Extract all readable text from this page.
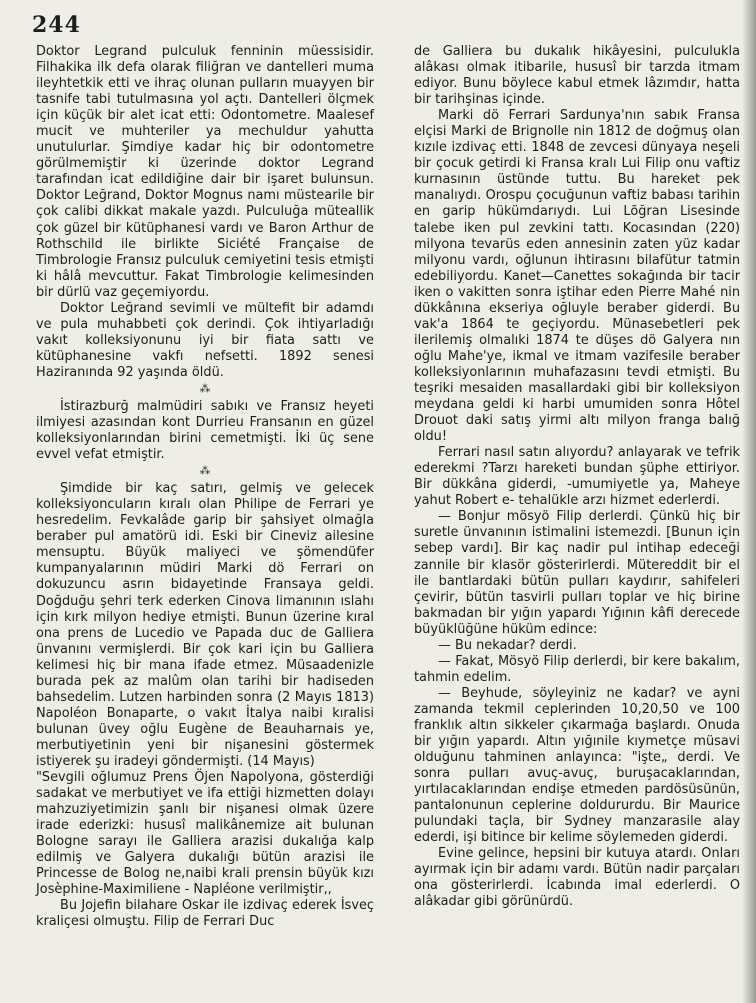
244

Doktor Legrand pulculuk fenninin müessisidir. Filhakika ilk defa olarak filiğran ve dantelleri muma ileyhtetkik etti ve ihraç olunan pulların muayyen bir tasnife tabi tutulmasına yol açtı. Dantelleri ölçmek için küçük bir alet icat etti: Odontometre. Maalesef mucit ve muhteriler ya mechuldur yahutta unutulurlar. Şimdiye kadar hiç bir odontometre görülmemiştir ki üzerinde doktor Legrand tarafından icat edildiğine dair bir işaret bulunsun. Doktor Leğrand, Doktor Mognus namı müstearile bir çok calibi dikkat makale yazdı. Pulculuğa müteallik çok güzel bir kütüphanesi vardı ve Baron Arthur de Rothschild ile birlikte Siciété Française de Timbrologie Fransız pulculuk cemiyetini tesis etmişti ki hâlâ mevcuttur. Fakat Timbrologie kelimesinden bir dürlü vaz geçemiyordu.

Doktor Leğrand sevimli ve mültefit bir adamdı ve pula muhabbeti çok derindi. Çok ihtiyarladığı vakıt kolleksiyonunu iyi bir fiata sattı ve kütüphanesine vakfı nefsetti. 1892 senesi Haziranında 92 yaşında öldü.

⁂

İstirazburğ malmüdiri sabıkı ve Fransız heyeti ilmiyesi azasından kont Durrieu Fransanın en güzel kolleksiyonlarından birini cemetmişti. İki üç sene evvel vefat etmiştir.

⁂

Şimdide bir kaç satırı, gelmiş ve gelecek kolleksiyoncuların kıralı olan Philipe de Ferrari ye hesredelim. Fevkalâde garip bir şahsiyet olmağla beraber pul amatörü idi. Eski bir Cineviz ailesine mensuptu. Büyük maliyeci ve şömendüfer kumpanyalarının müdiri Marki dö Ferrari on dokuzuncu asrın bidayetinde Fransaya geldi. Doğduğu şehri terk ederken Cinova limanının ıslahı için kırk milyon hediye etmişti. Bunun üzerine kıral ona prens de Lucedio ve Papada duc de Galliera ünvanını vermişlerdi. Bir çok kari için bu Galliera kelimesi hiç bir mana ifade etmez. Müsaadenizle burada pek az malûm olan tarihi bir hadiseden bahsedelim. Lutzen harbinden sonra (2 Mayıs 1813) Napoléon Bonaparte, o vakıt İtalya naibi kıralisi bulunan üvey oğlu Eugène de Beauharnais ye, merbutiyetinin yeni bir nişanesini göstermek istiyerek şu iradeyi göndermişti. (14 Mayıs)

"Sevgili oğlumuz Prens Öjen Napolyona, gösterdiği sadakat ve merbutiyet ve ifa ettiği hizmetten dolayı mahzuziyetimizin şanlı bir nişanesi olmak üzere irade ederizki: hususî malikânemize ait bulunan Bologne sarayı ile Galliera arazisi dukalığa kalp edilmiş ve Galyera dukalığı bütün arazisi ile Princesse de Bolog ne,naibi krali prensin büyük kızı Josèphine-Maximiliene - Napléone verilmiştir,,

Bu Jojefin bilahare Oskar ile izdivaç ederek İsveç kraliçesi olmuştu. Filip de Ferrari Duc

de Galliera bu dukalık hikâyesini, pulculukla alâkası olmak itibarile, hususî bir tarzda itmam ediyor. Bunu böylece kabul etmek lâzımdır, hatta bir tarihşinas içinde.

Marki dö Ferrari Sardunya'nın sabık Fransa elçisi Marki de Brignolle nin 1812 de doğmuş olan kızıle izdivaç etti. 1848 de zevcesi dünyaya neşeli bir çocuk getirdi ki Fransa kralı Lui Filip onu vaftiz kurnasının üstünde tuttu. Bu hareket pek manalıydı. Orospu çocuğunun vaftiz babası tarihin en garip hükümdarıydı. Lui Lõğran Lisesinde talebe iken pul zevkini tattı. Kocasından (220) milyona tevarüs eden annesinin zaten yüz kadar milyonu vardı, oğlunun ihtirasını bilafütur tatmin edebiliyordu. Kanet—Canettes sokağında bir tacir iken o vakitten sonra iştihar eden Pierre Mahé nin dükkânına ekseriya oğluyle beraber giderdi. Bu vak'a 1864 te geçiyordu. Münasebetleri pek ilerilemiş olmalıki 1874 te düşes dö Galyera nın oğlu Mahe'ye, ikmal ve itmam vazifesile beraber kolleksiyonlarının muhafazasını tevdi etmişti. Bu teşriki mesaiden masallardaki gibi bir kolleksiyon meydana geldi ki harbi umumiden sonra Hôtel Drouot daki satış yirmi altı milyon franga balığ oldu!

Ferrari nasıl satın alıyordu? anlayarak ve tefrik ederekmi ?Tarzı hareketi bundan şüphe ettiriyor. Bir dükkâna giderdi, -umumiyetle ya, Maheye yahut Robert e- tehalükle arzı hizmet ederlerdi.

— Bonjur mösyö Filip derlerdi. Çünkü hiç bir suretle ünvanının istimalini istemezdi. [Bunun için sebep vardı]. Bir kaç nadir pul intihap edeceği zannile bir klasör gösterirlerdi. Mütereddit bir el ile bantlardaki bütün pulları kaydırır, sahifeleri çevirir, bütün tasvirli pulları toplar ve hiç birine bakmadan bir yığın yapardı Yığının kâfi derecede büyüklüğüne hüküm edince:

— Bu nekadar? derdi.

— Fakat, Mösyö Filip derlerdi, bir kere bakalım, tahmin edelim.

— Beyhude, söyleyiniz ne kadar? ve ayni zamanda tekmil ceplerinden 10,20,50 ve 100 franklık altın sikkeler çıkarmağa başlardı. Onuda bir yığın yapardı. Altın yığınile kıymetçe müsavi olduğunu tahminen anlayınca: "işte„ derdi. Ve sonra pulları avuç-avuç, buruşacaklarından, yırtılacaklarından endişe etmeden pardösüsünün, pantalonunun ceplerine doldururdu. Bir Maurice pulundaki taçla, bir Sydney manzarasile alay ederdi, işi bitince bir kelime söylemeden giderdi.

Evine gelince, hepsini bir kutuya atardı. Onları ayırmak için bir adamı vardı. Bütün nadir parçaları ona gösterirlerdi. İcabında imal ederlerdi. O alâkadar gibi görünürdü.
